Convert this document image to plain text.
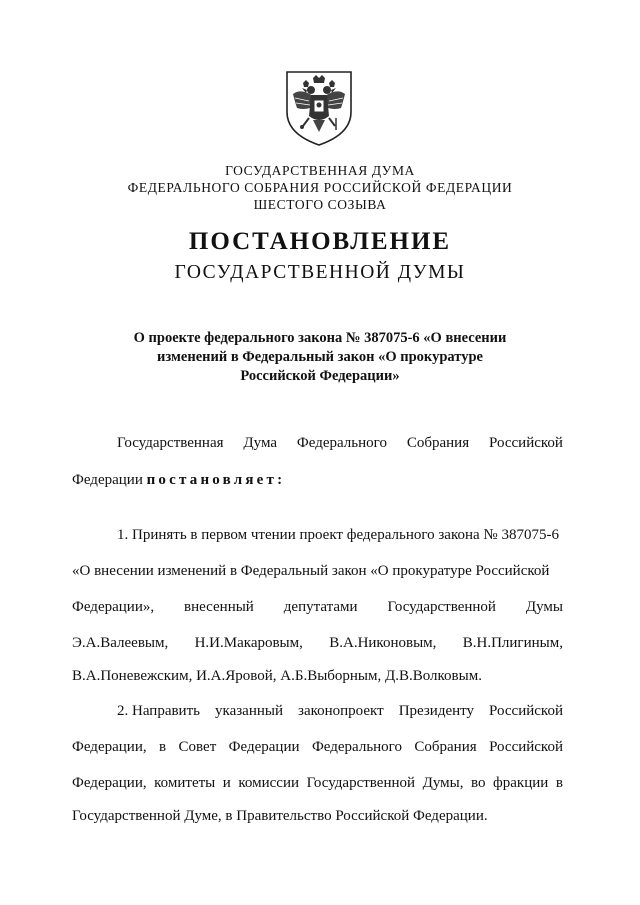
ГОСУДАРСТВЕННАЯ ДУМА
ФЕДЕРАЛЬНОГО СОБРАНИЯ РОССИЙСКОЙ ФЕДЕРАЦИИ
ШЕСТОГО СОЗЫВА
ПОСТАНОВЛЕНИЕ
ГОСУДАРСТВЕННОЙ ДУМЫ
О проекте федерального закона № 387075-6 «О внесении
изменений в Федеральный закон «О прокуратуре
Российской Федерации»
Государственная Дума Федерального Собрания Российской
Федерации постановляет:
1. Принять в первом чтении проект федерального закона № 387075-6
«О внесении изменений в Федеральный закон «О прокуратуре Российской
Федерации», внесенный депутатами Государственной Думы
Э.А.Валеевым, Н.И.Макаровым, В.А.Никоновым, В.Н.Плигиным,
В.А.Поневежским, И.А.Яровой, А.Б.Выборным, Д.В.Волковым.
2. Направить указанный законопроект Президенту Российской
Федерации, в Совет Федерации Федерального Собрания Российской
Федерации, комитеты и комиссии Государственной Думы, во фракции в
Государственной Думе, в Правительство Российской Федерации.
